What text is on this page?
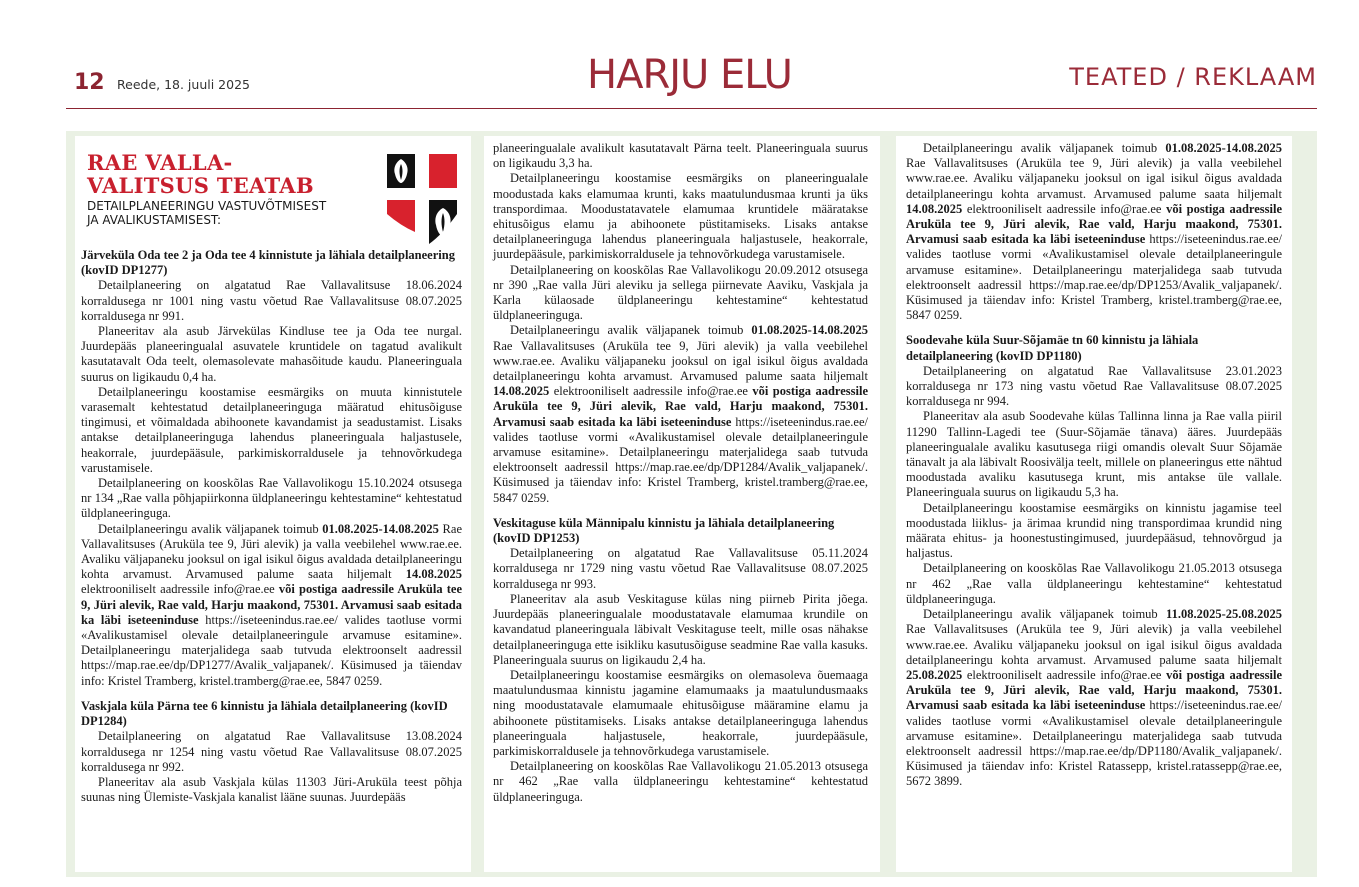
12 Reede, 18. juuli 2025	HARJU ELU	TEATED / REKLAAM
RAE VALLA-
VALITSUS TEATAB
DETAILPLANEERINGU VASTUVÕTMISEST
JA AVALIKUSTAMISEST:

Järveküla Oda tee 2 ja Oda tee 4 kinnistute ja lähiala detailplaneering (kovID DP1277)

Detailplaneering on algatatud Rae Vallavalitsuse 18.06.2024 korraldusega nr 1001 ning vastu võetud Rae Vallavalitsuse 08.07.2025 korraldusega nr 991.

Planeeritav ala asub Järvekülas Kindluse tee ja Oda tee nurgal. Juurdepääs planeeringualal asuvatele kruntidele on tagatud avalikult kasutatavalt Oda teelt, olemasolevate mahasõitude kaudu. Planeeringuala suurus on ligikaudu 0,4 ha.

Detailplaneeringu koostamise eesmärgiks on muuta kinnistutele varasemalt kehtestatud detailplaneeringuga määratud ehitusõiguse tingimusi, et võimaldada abihoonete kavandamist ja seadustamist. Lisaks antakse detailplaneeringuga lahendus planeeringuala haljastusele, heakorrale, juurdepääsule, parkimiskorraldusele ja tehnovõrkudega varustamisele.

Detailplaneering on kooskõlas Rae Vallavolikogu 15.10.2024 otsusega nr 134 „Rae valla põhjapiirkonna üldplaneeringu kehtestamine“ kehtestatud üldplaneeringuga.

Detailplaneeringu avalik väljapanek toimub 01.08.2025-14.08.2025 Rae Vallavalitsuses (Aruküla tee 9, Jüri alevik) ja valla veebilehel www.rae.ee. Avaliku väljapaneku jooksul on igal isikul õigus avaldada detailplaneeringu kohta arvamust. Arvamused palume saata hiljemalt 14.08.2025 elektrooniliselt aadressile info@rae.ee või postiga aadressile Aruküla tee 9, Jüri alevik, Rae vald, Harju maakond, 75301. Arvamusi saab esitada ka läbi iseteeninduse https://iseteenindus.rae.ee/ valides taotluse vormi «Avalikustamisel olevale detailplaneeringule arvamuse esitamine». Detailplaneeringu materjalidega saab tutvuda elektroonselt aadressil https://map.rae.ee/dp/DP1277/Avalik_valjapanek/. Küsimused ja täiendav info: Kristel Tramberg, kristel.tramberg@rae.ee, 5847 0259.

Vaskjala küla Pärna tee 6 kinnistu ja lähiala detailplaneering (kovID DP1284)

Detailplaneering on algatatud Rae Vallavalitsuse 13.08.2024 korraldusega nr 1254 ning vastu võetud Rae Vallavalitsuse 08.07.2025 korraldusega nr 992.

Planeeritav ala asub Vaskjala külas 11303 Jüri-Aruküla teest põhja suunas ning Ülemiste-Vaskjala kanalist lääne suunas. Juurdepääs

planeeringualale avalikult kasutatavalt Pärna teelt. Planeeringuala suurus on ligikaudu 3,3 ha.

Detailplaneeringu koostamise eesmärgiks on planeeringualale moodustada kaks elamumaa krunti, kaks maatulundusmaa krunti ja üks transpordimaa. Moodustatavatele elamumaa kruntidele määratakse ehitusõigus elamu ja abihoonete püstitamiseks. Lisaks antakse detailplaneeringuga lahendus planeeringuala haljastusele, heakorrale, juurdepääsule, parkimiskorraldusele ja tehnovõrkudega varustamisele.

Detailplaneering on kooskõlas Rae Vallavolikogu 20.09.2012 otsusega nr 390 „Rae valla Jüri aleviku ja sellega piirnevate Aaviku, Vaskjala ja Karla külaosade üldplaneeringu kehtestamine“ kehtestatud üldplaneeringuga.

Detailplaneeringu avalik väljapanek toimub 01.08.2025-14.08.2025 Rae Vallavalitsuses (Aruküla tee 9, Jüri alevik) ja valla veebilehel www.rae.ee. Avaliku väljapaneku jooksul on igal isikul õigus avaldada detailplaneeringu kohta arvamust. Arvamused palume saata hiljemalt 14.08.2025 elektrooniliselt aadressile info@rae.ee või postiga aadressile Aruküla tee 9, Jüri alevik, Rae vald, Harju maakond, 75301. Arvamusi saab esitada ka läbi iseteeninduse https://iseteenindus.rae.ee/ valides taotluse vormi «Avalikustamisel olevale detailplaneeringule arvamuse esitamine». Detailplaneeringu materjalidega saab tutvuda elektroonselt aadressil https://map.rae.ee/dp/DP1284/Avalik_valjapanek/. Küsimused ja täiendav info: Kristel Tramberg, kristel.tramberg@rae.ee, 5847 0259.

Veskitaguse küla Männipalu kinnistu ja lähiala detailplaneering (kovID DP1253)

Detailplaneering on algatatud Rae Vallavalitsuse 05.11.2024 korraldusega nr 1729 ning vastu võetud Rae Vallavalitsuse 08.07.2025 korraldusega nr 993.

Planeeritav ala asub Veskitaguse külas ning piirneb Pirita jõega. Juurdepääs planeeringualale moodustatavale elamumaa krundile on kavandatud planeeringuala läbivalt Veskitaguse teelt, mille osas nähakse detailplaneeringuga ette isikliku kasutusõiguse seadmine Rae valla kasuks. Planeeringuala suurus on ligikaudu 2,4 ha.

Detailplaneeringu koostamise eesmärgiks on olemasoleva õuemaaga maatulundusmaa kinnistu jagamine elamumaaks ja maatulundusmaaks ning moodustatavale elamumaale ehitusõiguse määramine elamu ja abihoonete püstitamiseks. Lisaks antakse detailplaneeringuga lahendus planeeringuala haljastusele, heakorrale, juurdepääsule, parkimiskorraldusele ja tehnovõrkudega varustamisele.

Detailplaneering on kooskõlas Rae Vallavolikogu 21.05.2013 otsusega nr 462 „Rae valla üldplaneeringu kehtestamine“ kehtestatud üldplaneeringuga.

Detailplaneeringu avalik väljapanek toimub 01.08.2025-14.08.2025 Rae Vallavalitsuses (Aruküla tee 9, Jüri alevik) ja valla veebilehel www.rae.ee. Avaliku väljapaneku jooksul on igal isikul õigus avaldada detailplaneeringu kohta arvamust. Arvamused palume saata hiljemalt 14.08.2025 elektrooniliselt aadressile info@rae.ee või postiga aadressile Aruküla tee 9, Jüri alevik, Rae vald, Harju maakond, 75301. Arvamusi saab esitada ka läbi iseteeninduse https://iseteenindus.rae.ee/ valides taotluse vormi «Avalikustamisel olevale detailplaneeringule arvamuse esitamine». Detailplaneeringu materjalidega saab tutvuda elektroonselt aadressil https://map.rae.ee/dp/DP1253/Avalik_valjapanek/. Küsimused ja täiendav info: Kristel Tramberg, kristel.tramberg@rae.ee, 5847 0259.

Soodevahe küla Suur-Sõjamäe tn 60 kinnistu ja lähiala detailplaneering (kovID DP1180)

Detailplaneering on algatatud Rae Vallavalitsuse 23.01.2023 korraldusega nr 173 ning vastu võetud Rae Vallavalitsuse 08.07.2025 korraldusega nr 994.

Planeeritav ala asub Soodevahe külas Tallinna linna ja Rae valla piiril 11290 Tallinn-Lagedi tee (Suur-Sõjamäe tänava) ääres. Juurdepääs planeeringualale avaliku kasutusega riigi omandis olevalt Suur Sõjamäe tänavalt ja ala läbivalt Roosivälja teelt, millele on planeeringus ette nähtud moodustada avaliku kasutusega krunt, mis antakse üle vallale. Planeeringuala suurus on ligikaudu 5,3 ha.

Detailplaneeringu koostamise eesmärgiks on kinnistu jagamise teel moodustada liiklus- ja ärimaa krundid ning transpordimaa krundid ning määrata ehitus- ja hoonestustingimused, juurdepääsud, tehnovõrgud ja haljastus.

Detailplaneering on kooskõlas Rae Vallavolikogu 21.05.2013 otsusega nr 462 „Rae valla üldplaneeringu kehtestamine“ kehtestatud üldplaneeringuga.

Detailplaneeringu avalik väljapanek toimub 11.08.2025-25.08.2025 Rae Vallavalitsuses (Aruküla tee 9, Jüri alevik) ja valla veebilehel www.rae.ee. Avaliku väljapaneku jooksul on igal isikul õigus avaldada detailplaneeringu kohta arvamust. Arvamused palume saata hiljemalt 25.08.2025 elektrooniliselt aadressile info@rae.ee või postiga aadressile Aruküla tee 9, Jüri alevik, Rae vald, Harju maakond, 75301. Arvamusi saab esitada ka läbi iseteeninduse https://iseteenindus.rae.ee/ valides taotluse vormi «Avalikustamisel olevale detailplaneeringule arvamuse esitamine». Detailplaneeringu materjalidega saab tutvuda elektroonselt aadressil https://map.rae.ee/dp/DP1180/Avalik_valjapanek/. Küsimused ja täiendav info: Kristel Ratassepp, kristel.ratassepp@rae.ee, 5672 3899.
